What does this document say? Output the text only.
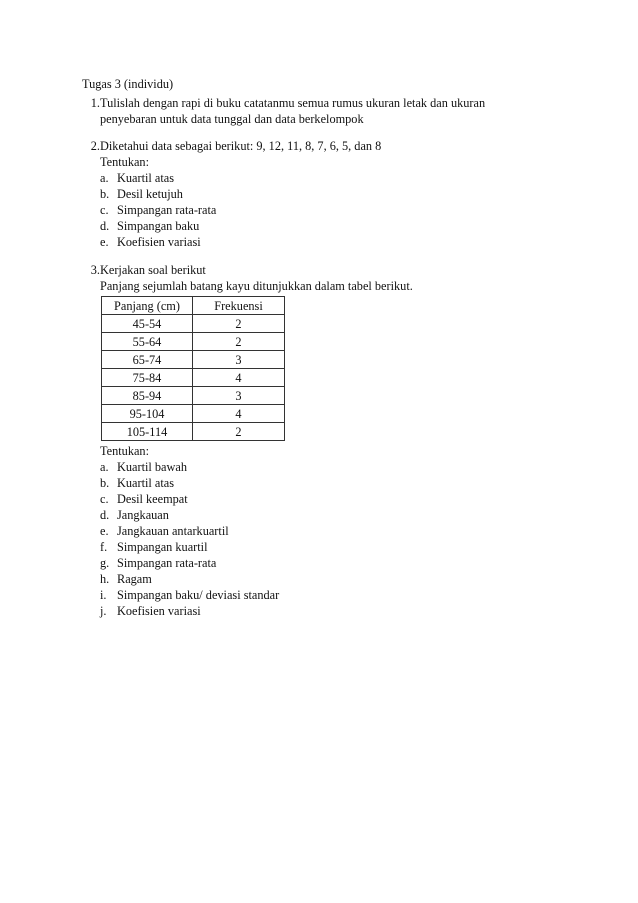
Tugas 3 (individu)
1. Tulislah dengan rapi di buku catatanmu semua rumus ukuran letak dan ukuran
penyebaran untuk data tunggal dan data berkelompok
2. Diketahui data sebagai berikut: 9, 12, 11, 8, 7, 6, 5, dan 8
Tentukan:
a. Kuartil atas
b. Desil ketujuh
c. Simpangan rata-rata
d. Simpangan baku
e. Koefisien variasi
3. Kerjakan soal berikut
Panjang sejumlah batang kayu ditunjukkan dalam tabel berikut.
Panjang (cm)	Frekuensi
45-54	2
55-64	2
65-74	3
75-84	4
85-94	3
95-104	4
105-114	2
Tentukan:
a. Kuartil bawah
b. Kuartil atas
c. Desil keempat
d. Jangkauan
e. Jangkauan antarkuartil
f. Simpangan kuartil
g. Simpangan rata-rata
h. Ragam
i. Simpangan baku/ deviasi standar
j. Koefisien variasi
